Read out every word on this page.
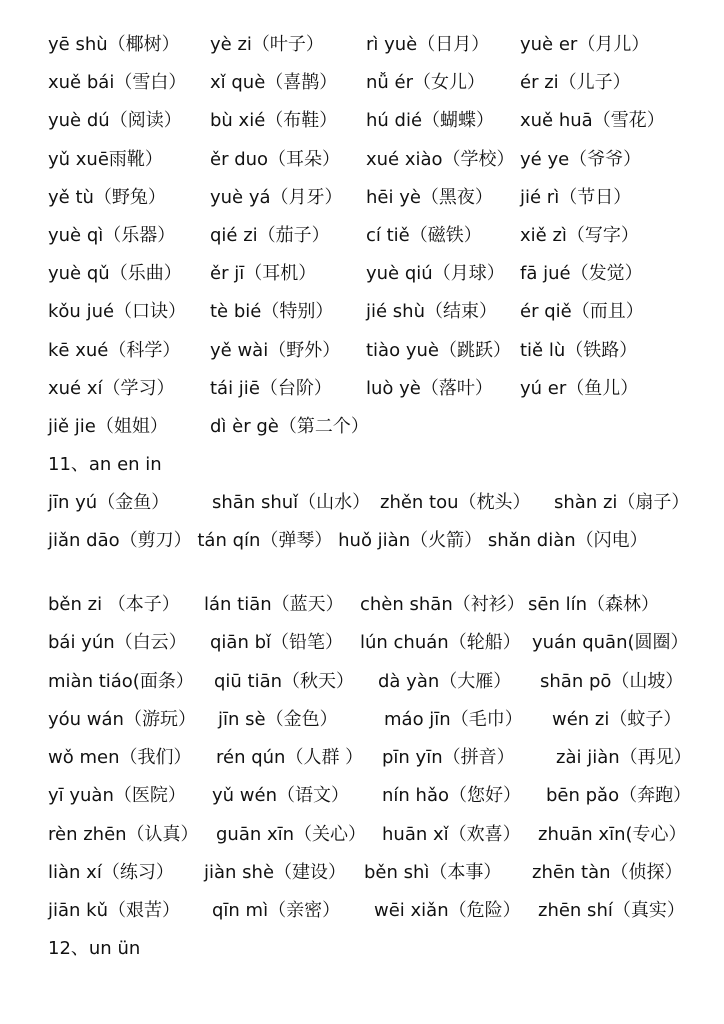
yē shù（椰树） yè zi（叶子） rì yuè（日月） yuè er（月儿）
xuě bái（雪白） xǐ què（喜鹊） nǚ ér（女儿） ér zi（儿子）
yuè dú（阅读） bù xié（布鞋） hú dié（蝴蝶） xuě huā（雪花）
yǔ xuē雨靴）	ěr duo（耳朵） xué xiào（学校） yé ye（爷爷）
yě tù（野兔） yuè yá（月牙） hēi yè（黑夜） jié rì（节日）
yuè qì（乐器） qié zi（茄子） cí tiě（磁铁） xiě zì（写字）
yuè qǔ（乐曲） ěr jī（耳机）	yuè qiú（月球） fā jué（发觉）
kǒu jué（口诀） tè bié（特别） jié shù（结束） ér qiě（而且）
kē xué（科学） yě wài（野外） tiào yuè（跳跃） tiě lù（铁路）
xué xí（学习） tái jiē（台阶） luò yè（落叶） yú er（鱼儿）
jiě jie（姐姐） dì èr gè（第二个）
11、an en in
jīn yú（金鱼） shān shuǐ（山水） zhěn tou（枕头） shàn zi（扇子）
jiǎn dāo（剪刀） tán qín（弹琴） huǒ jiàn（火箭） shǎn diàn（闪电）
běn zi （本子） lán tiān（蓝天） chèn shān（衬衫） sēn lín（森林）
bái yún（白云） qiān bǐ（铅笔） lún chuán（轮船） yuán quān(圆圈）
miàn tiáo(面条） qiū tiān（秋天） dà yàn（大雁） shān pō（山坡）
yóu wán（游玩） jīn sè（金色）	máo jīn（毛巾） wén zi（蚊子）
wǒ men（我们） rén qún（人群 ） pīn yīn（拼音） zài jiàn（再见）
yī yuàn（医院） yǔ wén（语文） nín hǎo（您好） bēn pǎo（奔跑）
rèn zhēn（认真） guān xīn（关心） huān xǐ（欢喜） zhuān xīn(专心）
liàn xí（练习） jiàn shè（建设） běn shì（本事） zhēn tàn（侦探）
jiān kǔ（艰苦） qīn mì（亲密） wēi xiǎn（危险） zhēn shí（真实）
12、un ün
